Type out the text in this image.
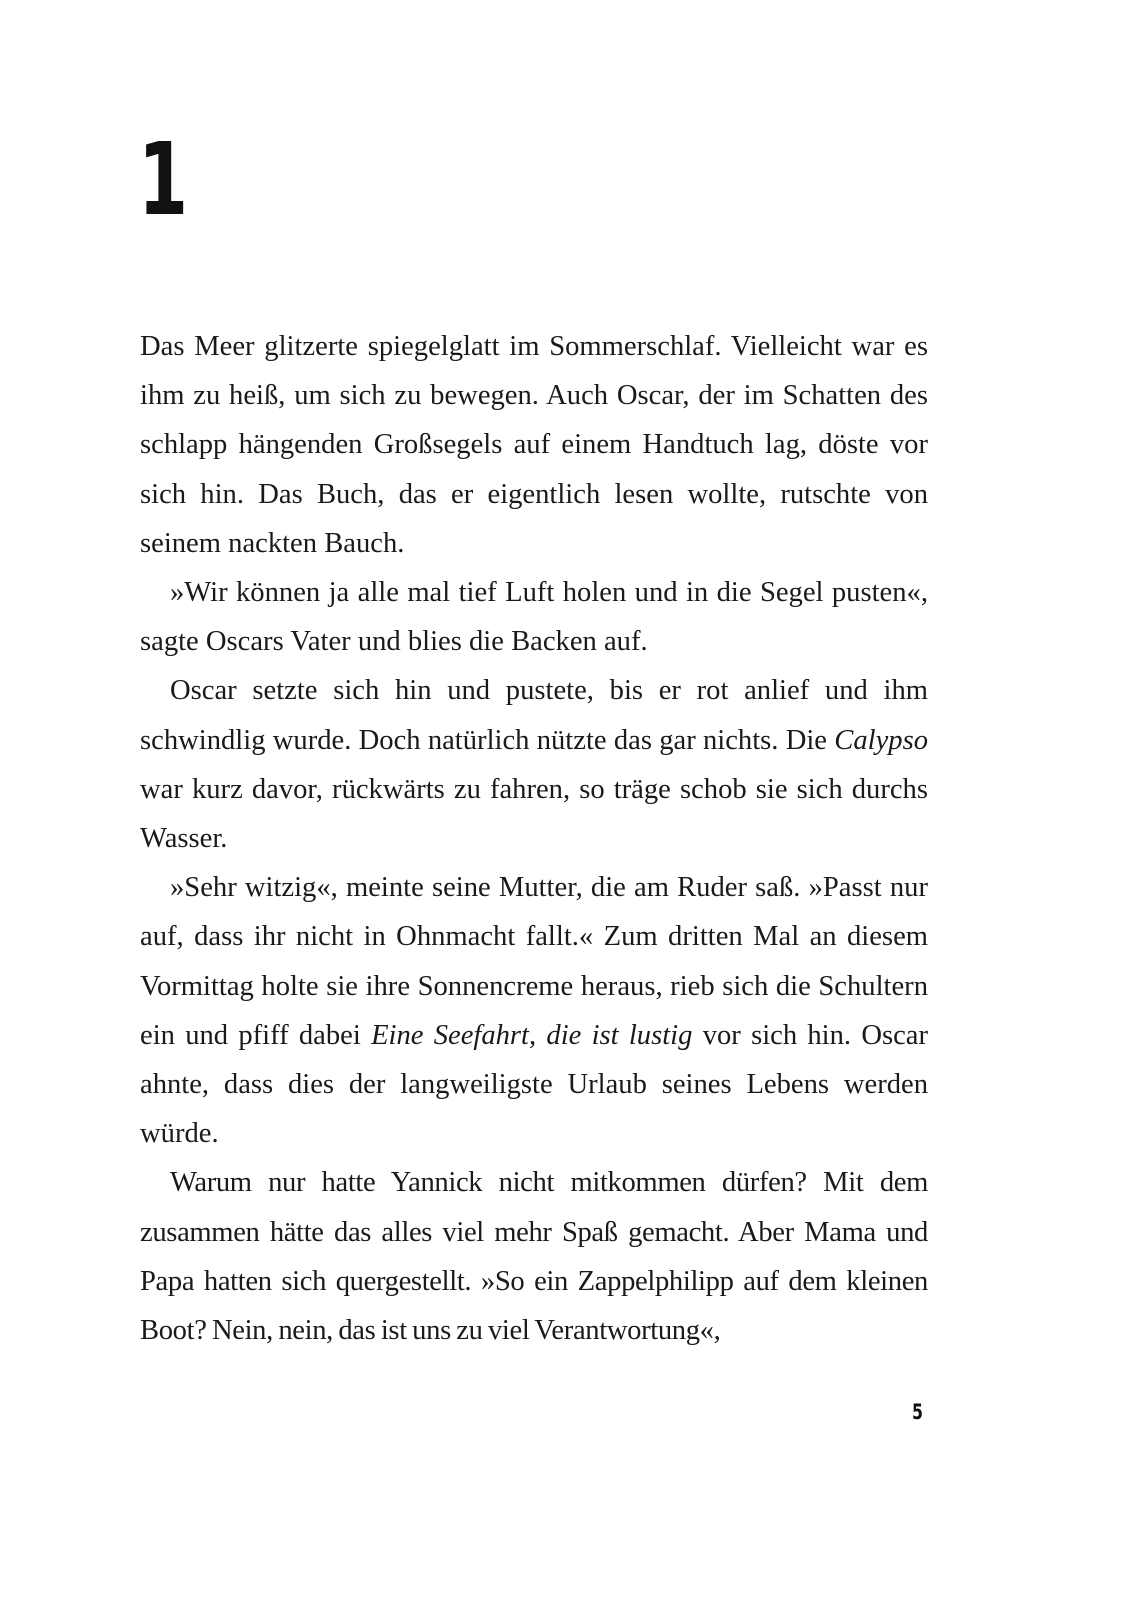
1

Das Meer glitzerte spiegelglatt im Sommerschlaf. Vielleicht war es ihm zu heiß, um sich zu bewegen. Auch Oscar, der im Schatten des schlapp hängenden Großsegels auf einem Handtuch lag, döste vor sich hin. Das Buch, das er eigentlich lesen wollte, rutschte von seinem nackten Bauch.

»Wir können ja alle mal tief Luft holen und in die Segel pusten«, sagte Oscars Vater und blies die Backen auf.

Oscar setzte sich hin und pustete, bis er rot anlief und ihm schwindlig wurde. Doch natürlich nützte das gar nichts. Die Calypso war kurz davor, rückwärts zu fahren, so träge schob sie sich durchs Wasser.

»Sehr witzig«, meinte seine Mutter, die am Ruder saß. »Passt nur auf, dass ihr nicht in Ohnmacht fallt.« Zum dritten Mal an diesem Vormittag holte sie ihre Sonnencreme heraus, rieb sich die Schultern ein und pfiff dabei Eine Seefahrt, die ist lustig vor sich hin. Oscar ahnte, dass dies der langweiligste Urlaub seines Lebens werden würde.

Warum nur hatte Yannick nicht mitkommen dürfen? Mit dem zusammen hätte das alles viel mehr Spaß gemacht. Aber Mama und Papa hatten sich quergestellt. »So ein Zappelphilipp auf dem kleinen Boot? Nein, nein, das ist uns zu viel Verantwortung«,

5
